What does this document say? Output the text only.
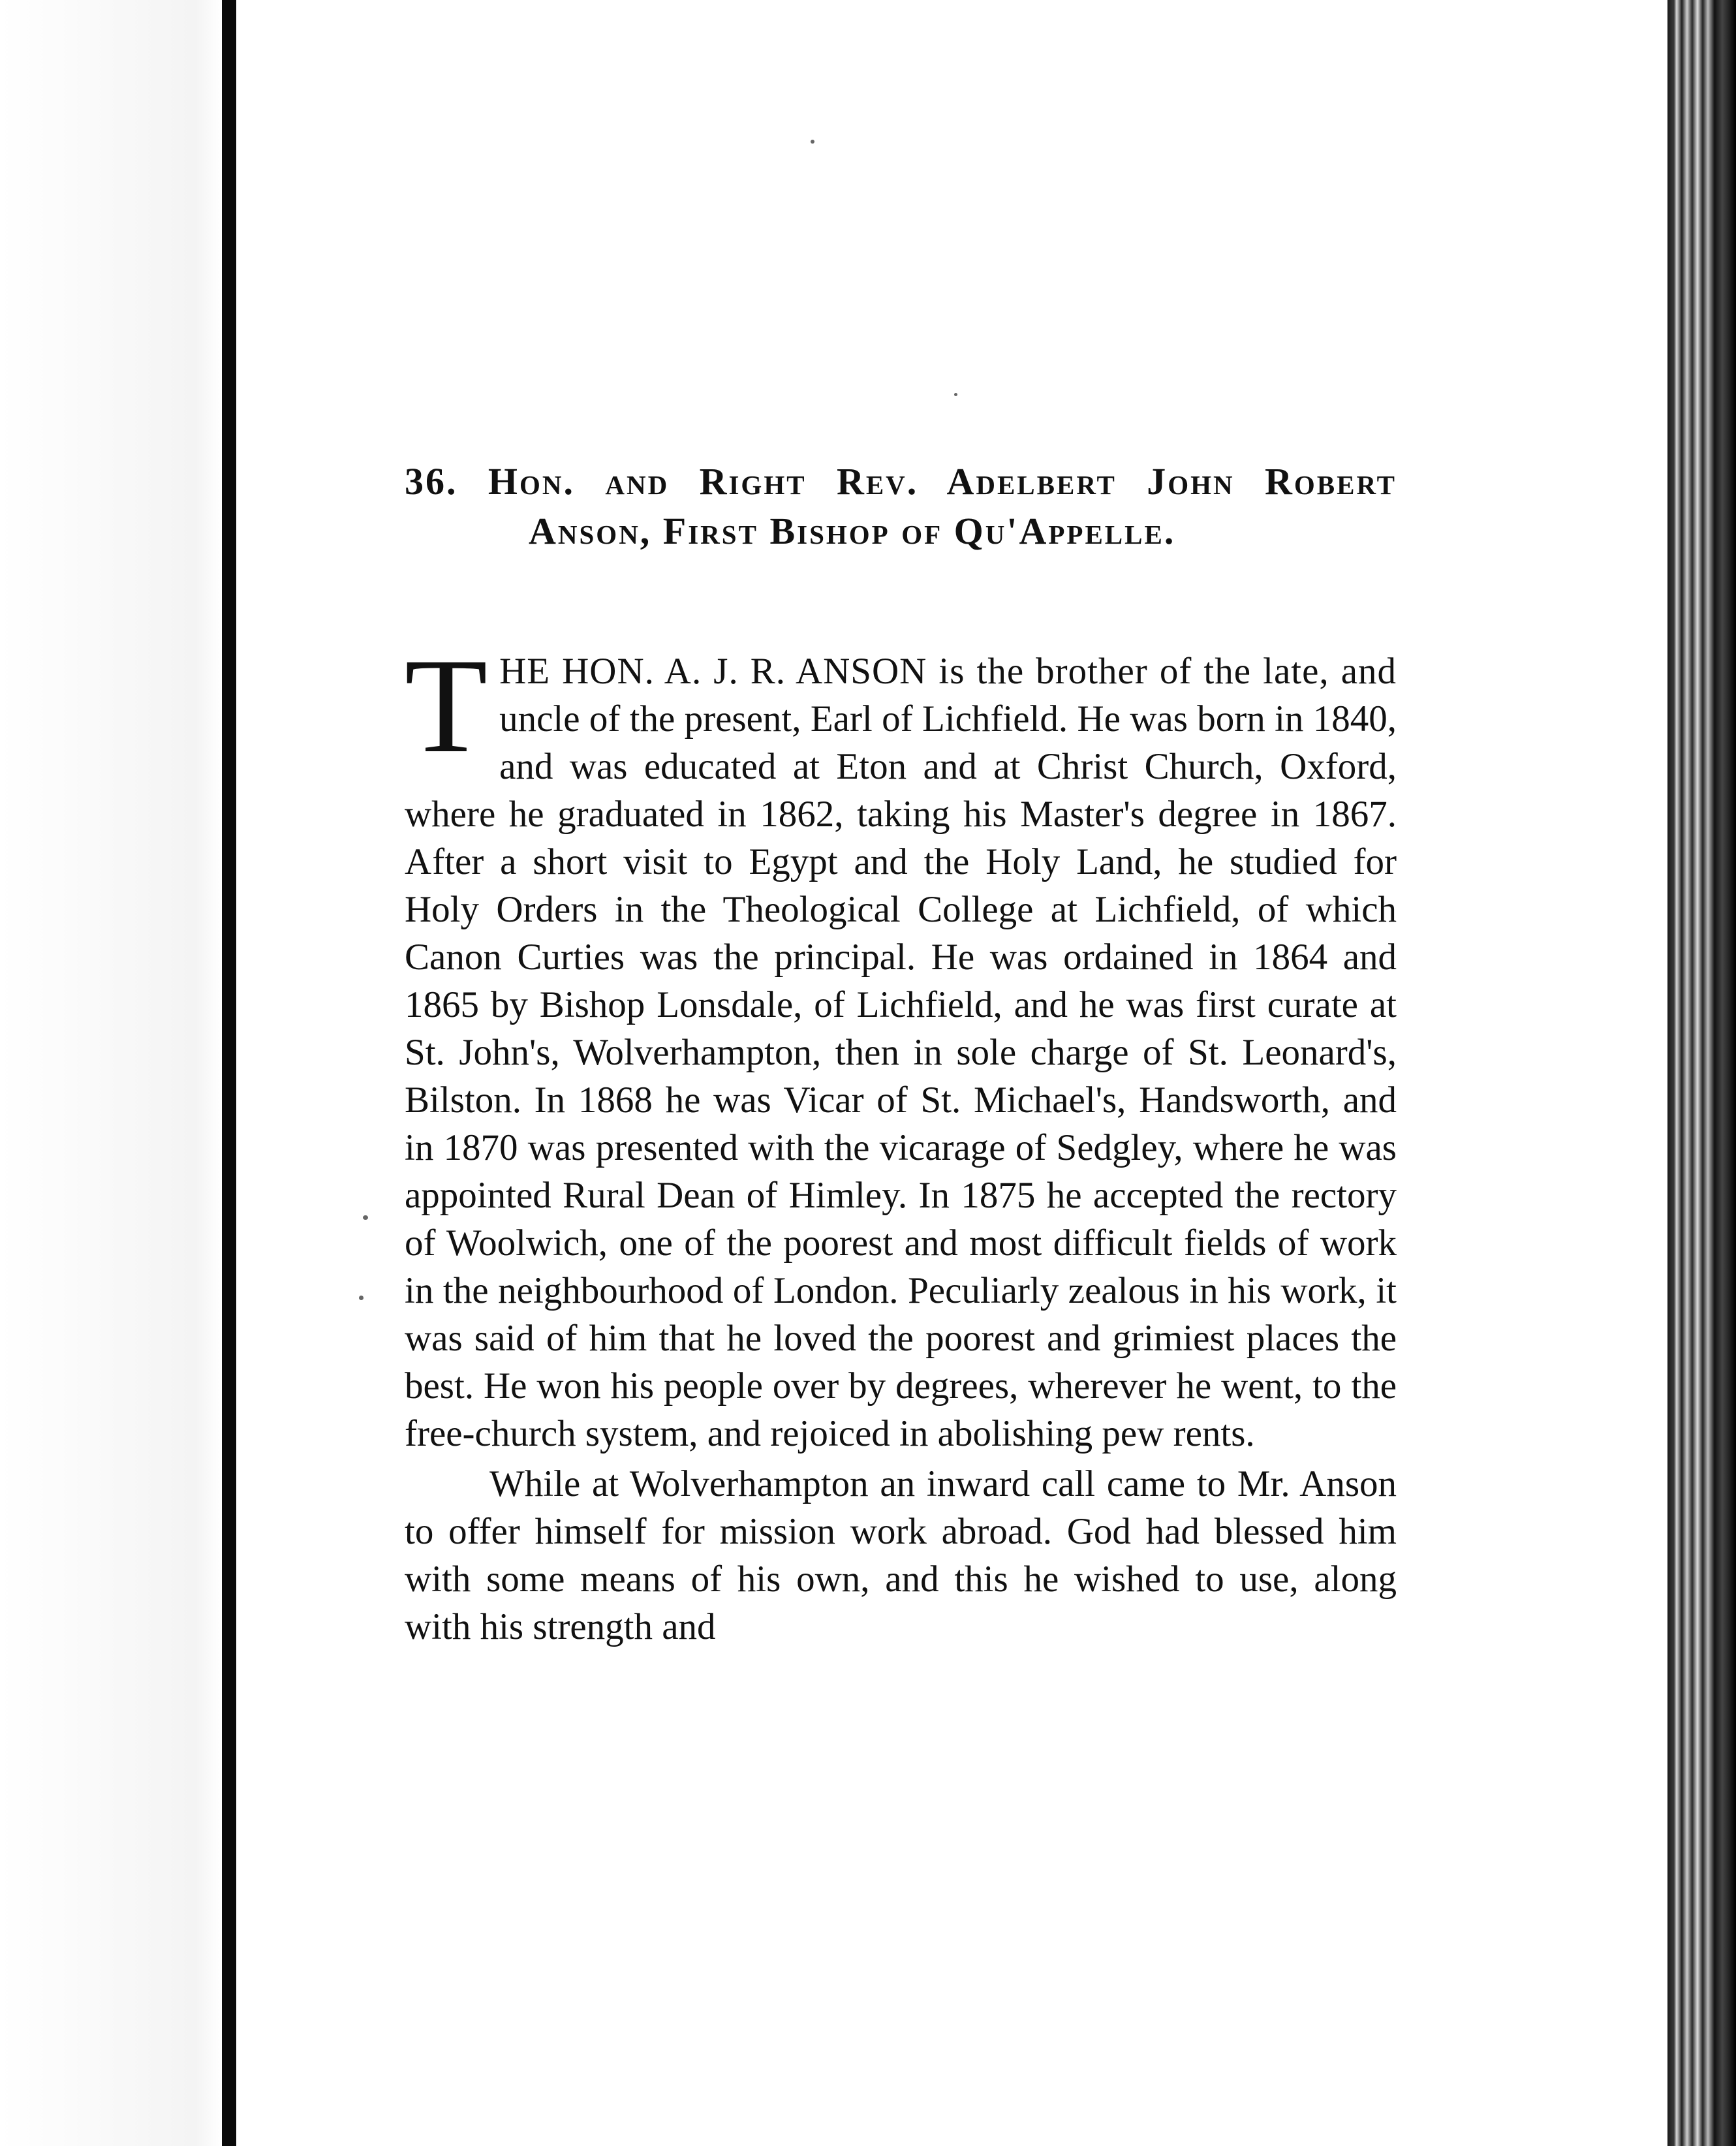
36. Hon. and Right Rev. Adelbert John Robert
Anson, First Bishop of Qu'Appelle.

THE HON. A. J. R. ANSON is the brother of the late, and uncle of the present, Earl of Lichfield. He was born in 1840, and was educated at Eton and at Christ Church, Oxford, where he graduated in 1862, taking his Master's degree in 1867. After a short visit to Egypt and the Holy Land, he studied for Holy Orders in the Theological College at Lichfield, of which Canon Curties was the principal. He was ordained in 1864 and 1865 by Bishop Lonsdale, of Lichfield, and he was first curate at St. John's, Wolverhampton, then in sole charge of St. Leonard's, Bilston. In 1868 he was Vicar of St. Michael's, Handsworth, and in 1870 was presented with the vicarage of Sedgley, where he was appointed Rural Dean of Himley. In 1875 he accepted the rectory of Woolwich, one of the poorest and most difficult fields of work in the neighbourhood of London. Peculiarly zealous in his work, it was said of him that he loved the poorest and grimiest places the best. He won his people over by degrees, wherever he went, to the free-church system, and rejoiced in abolishing pew rents.

While at Wolverhampton an inward call came to Mr. Anson to offer himself for mission work abroad. God had blessed him with some means of his own, and this he wished to use, along with his strength and
